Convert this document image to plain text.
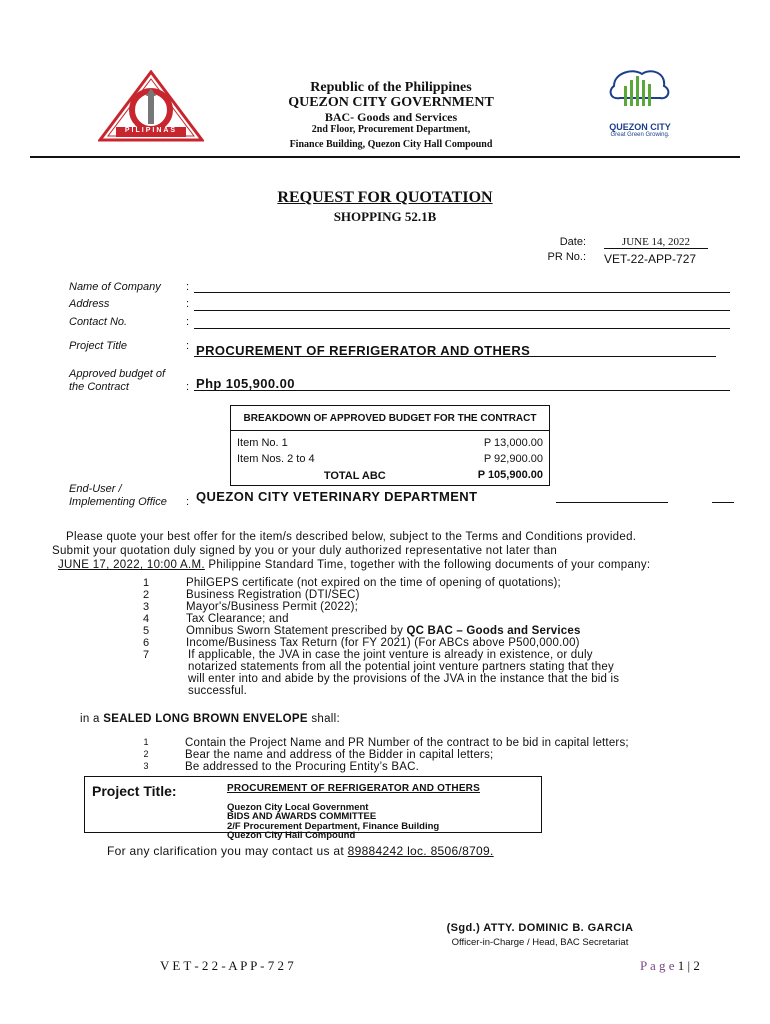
PILIPINAS
Republic of the Philippines
QUEZON CITY GOVERNMENT
BAC- Goods and Services
2nd Floor, Procurement Department,
Finance Building, Quezon City Hall Compound
QUEZON CITY
Great Green Growing.
REQUEST FOR QUOTATION
SHOPPING 52.1B
Date:	JUNE 14, 2022
PR No.: VET-22-APP-727
Name of Company :
Address	:
Contact No.	:
Project Title	: PROCUREMENT OF REFRIGERATOR AND OTHERS
Approved budget of
the Contract	: Php 105,900.00
BREAKDOWN OF APPROVED BUDGET FOR THE CONTRACT	
Item No. 1	P 13,000.00
Item Nos. 2 to 4	P 92,900.00
TOTAL ABC	P 105,900.00
End-User /
Implementing Office : QUEZON CITY VETERINARY DEPARTMENT
Please quote your best offer for the item/s described below, subject to the Terms and Conditions provided.
Submit your quotation duly signed by you or your duly authorized representative not later than
JUNE 17, 2022, 10:00 A.M. Philippine Standard Time, together with the following documents of your company:
1	PhilGEPS certificate (not expired on the time of opening of quotations);
2	Business Registration (DTI/SEC)
3	Mayor's/Business Permit (2022);
4	Tax Clearance; and
5	Omnibus Sworn Statement prescribed by QC BAC – Goods and Services
6	Income/Business Tax Return (for FY 2021) (For ABCs above P500,000.00)
7	If applicable, the JVA in case the joint venture is already in existence, or duly
notarized statements from all the potential joint venture partners stating that they
will enter into and abide by the provisions of the JVA in the instance that the bid is
successful.
in a SEALED LONG BROWN ENVELOPE shall:
1	Contain the Project Name and PR Number of the contract to be bid in capital letters;
2	Bear the name and address of the Bidder in capital letters;
3	Be addressed to the Procuring Entity’s BAC.
Project Title:	PROCUREMENT OF REFRIGERATOR AND OTHERS
Quezon City Local Government
BIDS AND AWARDS COMMITTEE
2/F Procurement Department, Finance Building
Quezon City Hall Compound
For any clarification you may contact us at 89884242 loc. 8506/8709.
(Sgd.) ATTY. DOMINIC B. GARCIA
Officer-in-Charge / Head, BAC Secretariat
V E T - 2 2 - A P P - 7 2 7	P a g e 1 | 2
